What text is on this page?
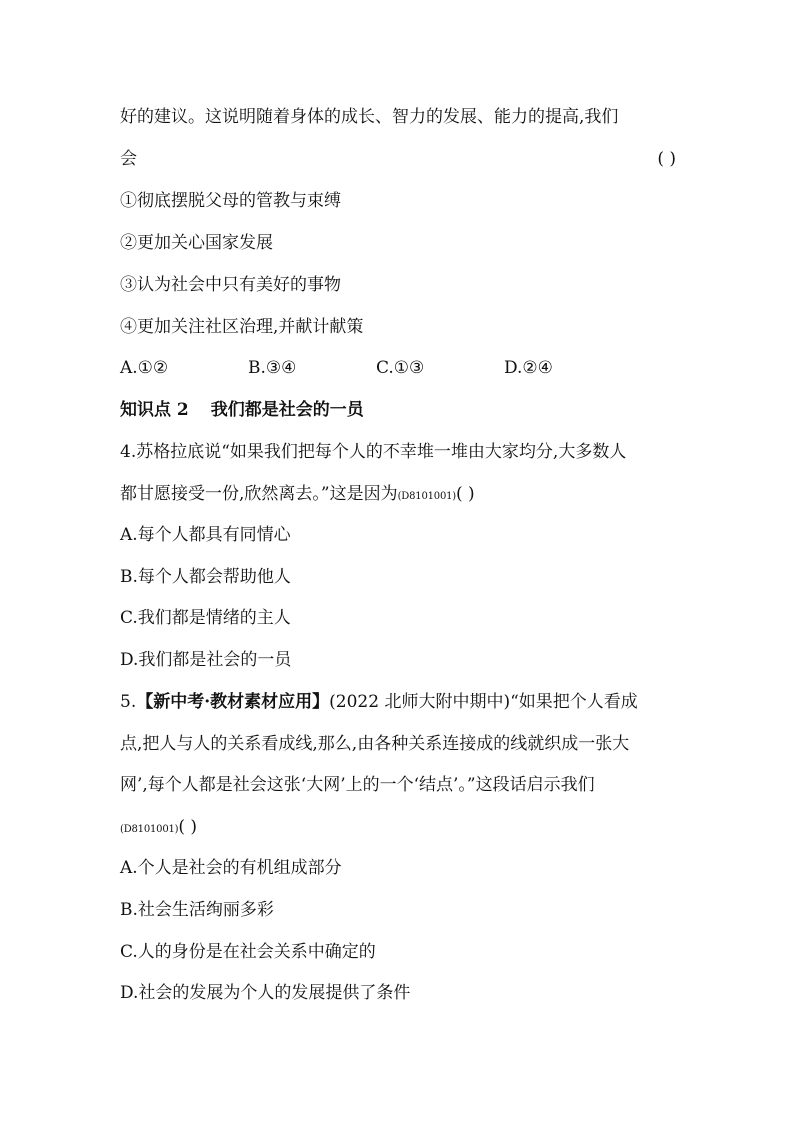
好的建议。这说明随着身体的成长、智力的发展、能力的提高,我们
会	( )
①彻底摆脱父母的管教与束缚
②更加关心国家发展
③认为社会中只有美好的事物
④更加关注社区治理,并献计献策
A.①②	B.③④	C.①③	D.②④
知识点 2 我们都是社会的一员
4.苏格拉底说“如果我们把每个人的不幸堆一堆由大家均分,大多数人
都甘愿接受一份,欣然离去。”这是因为(D8101001)( )
A.每个人都具有同情心
B.每个人都会帮助他人
C.我们都是情绪的主人
D.我们都是社会的一员
5.【新中考·教材素材应用】(2022 北师大附中期中)“如果把个人看成
点,把人与人的关系看成线,那么,由各种关系连接成的线就织成一张大
网’,每个人都是社会这张‘大网’上的一个‘结点’。”这段话启示我们
(D8101001)( )
A.个人是社会的有机组成部分
B.社会生活绚丽多彩
C.人的身份是在社会关系中确定的
D.社会的发展为个人的发展提供了条件
